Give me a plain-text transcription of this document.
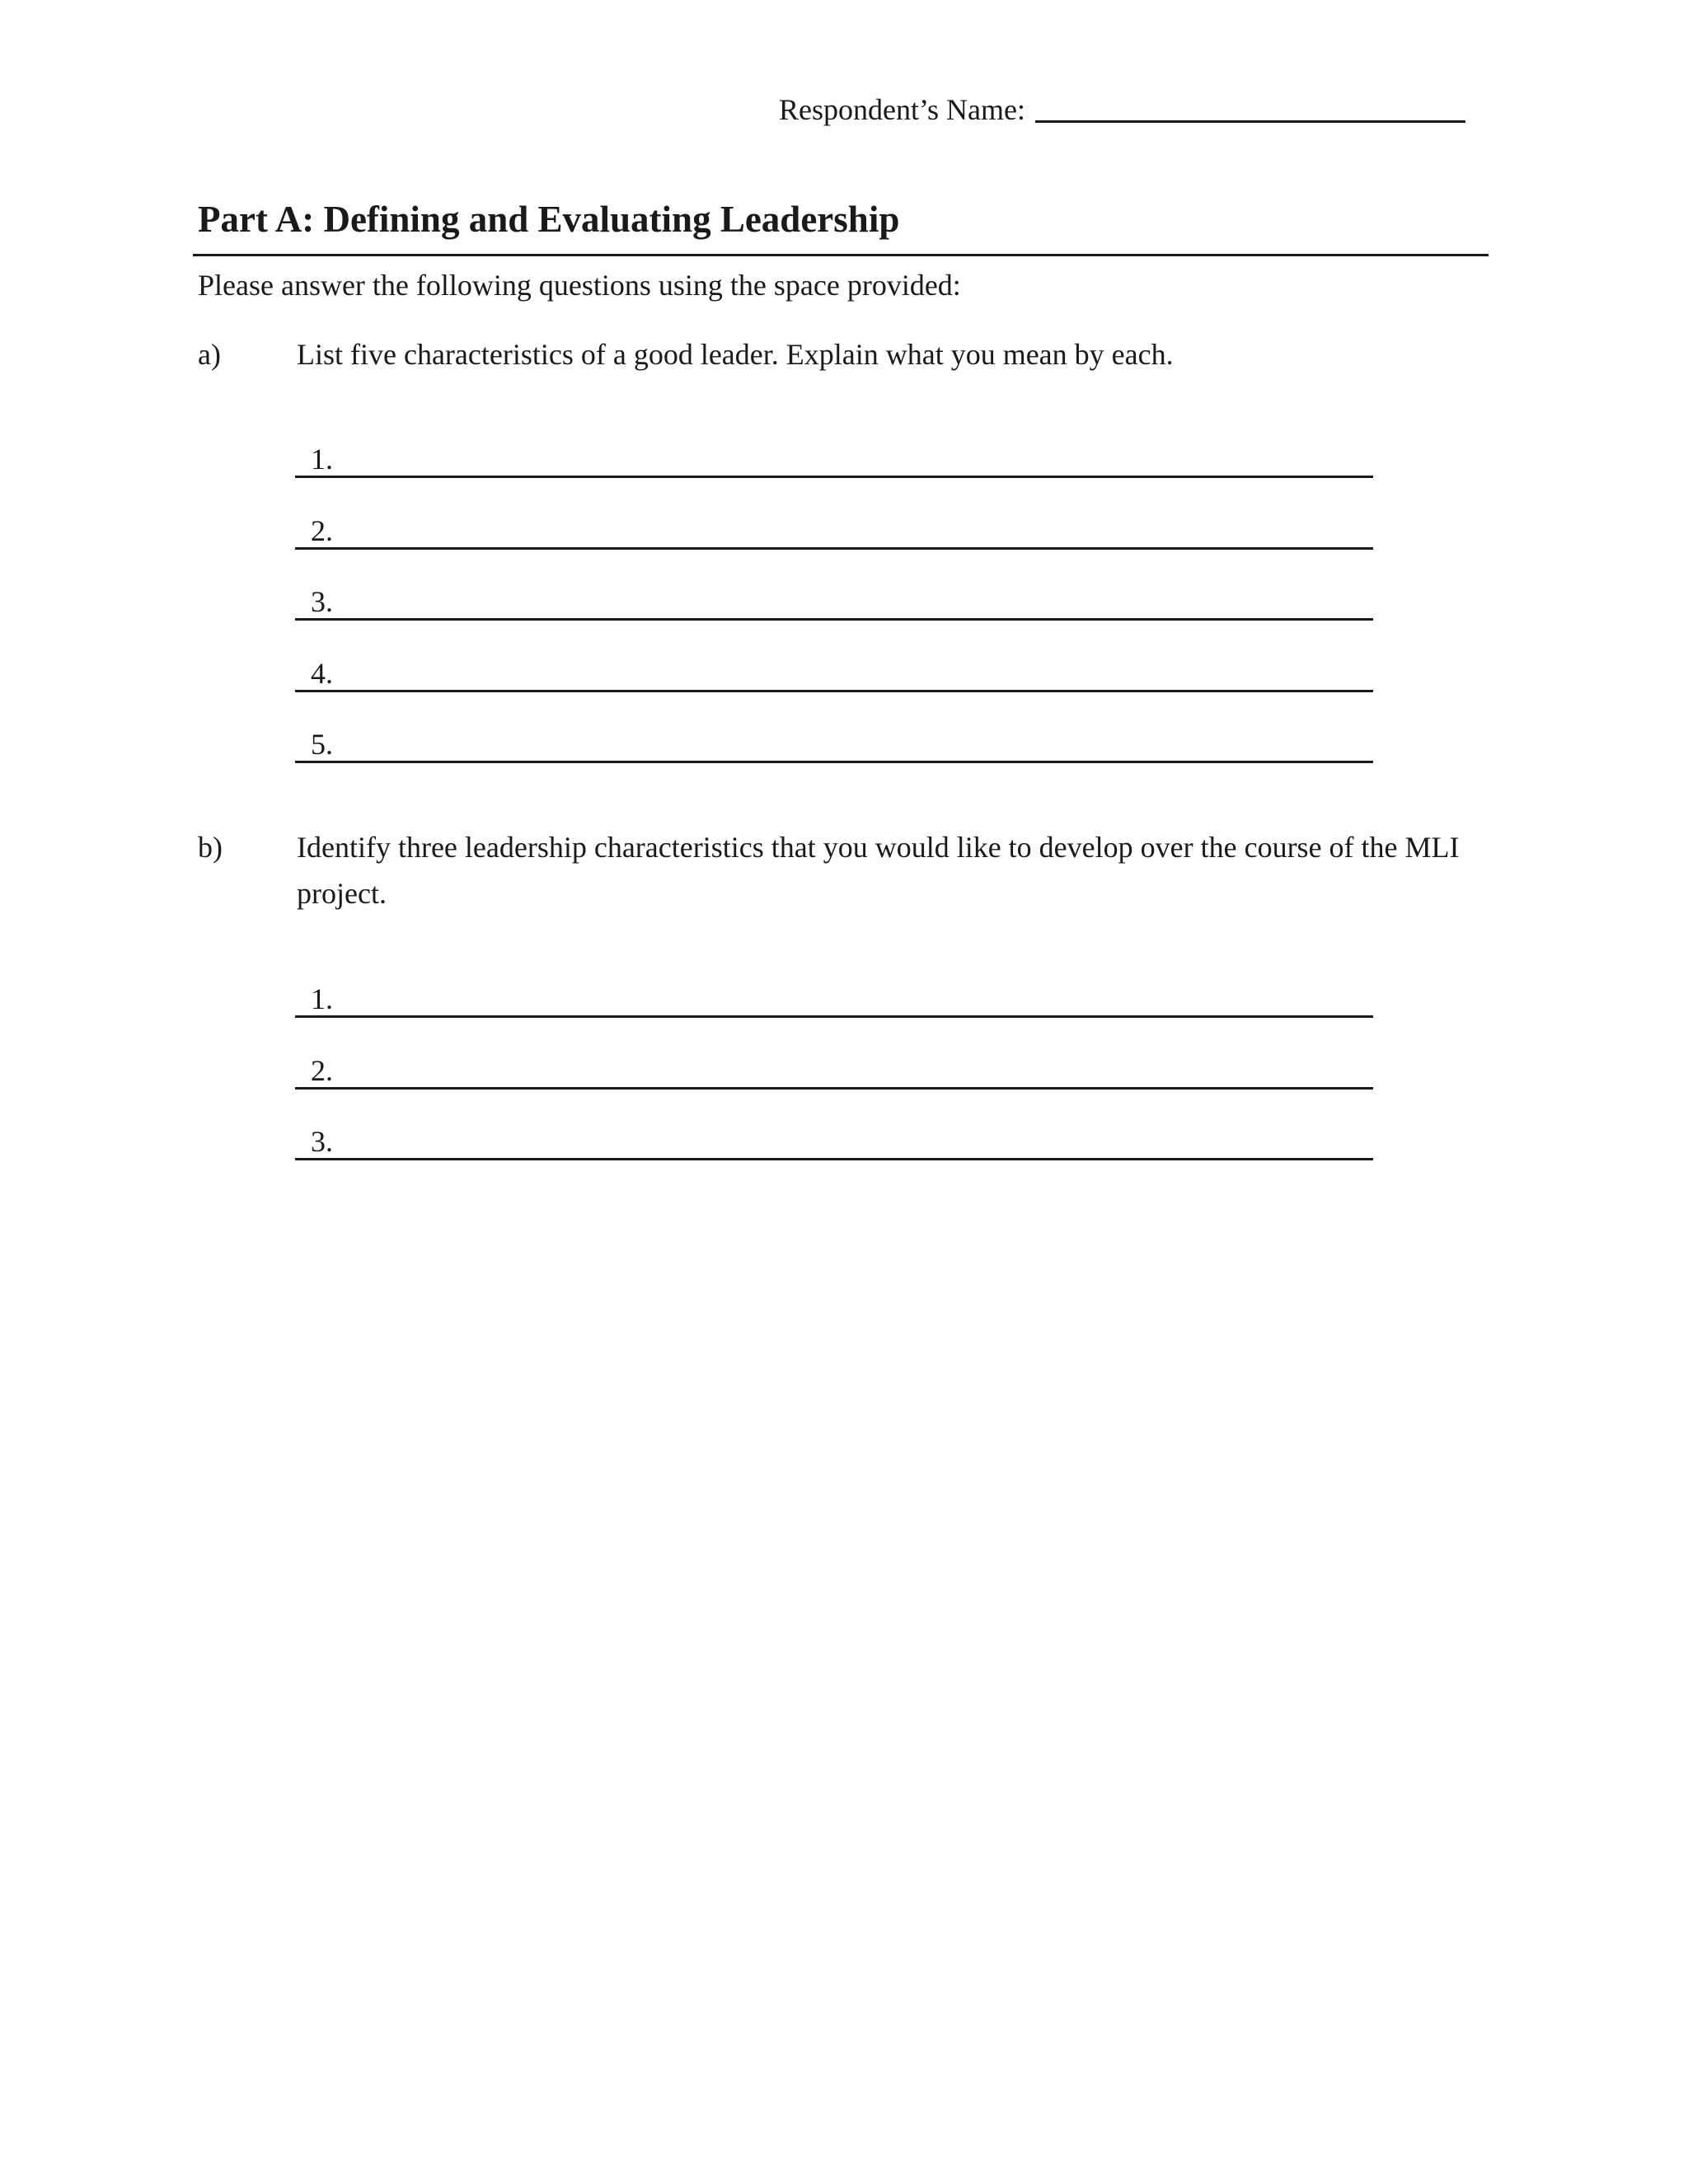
Respondent’s Name:
Part A: Defining and Evaluating Leadership
Please answer the following questions using the space provided:
a)	List five characteristics of a good leader. Explain what you mean by each.
1.
2.
3.
4.
5.
b)	Identify three leadership characteristics that you would like to develop over the course of the MLI project.
1.
2.
3.
